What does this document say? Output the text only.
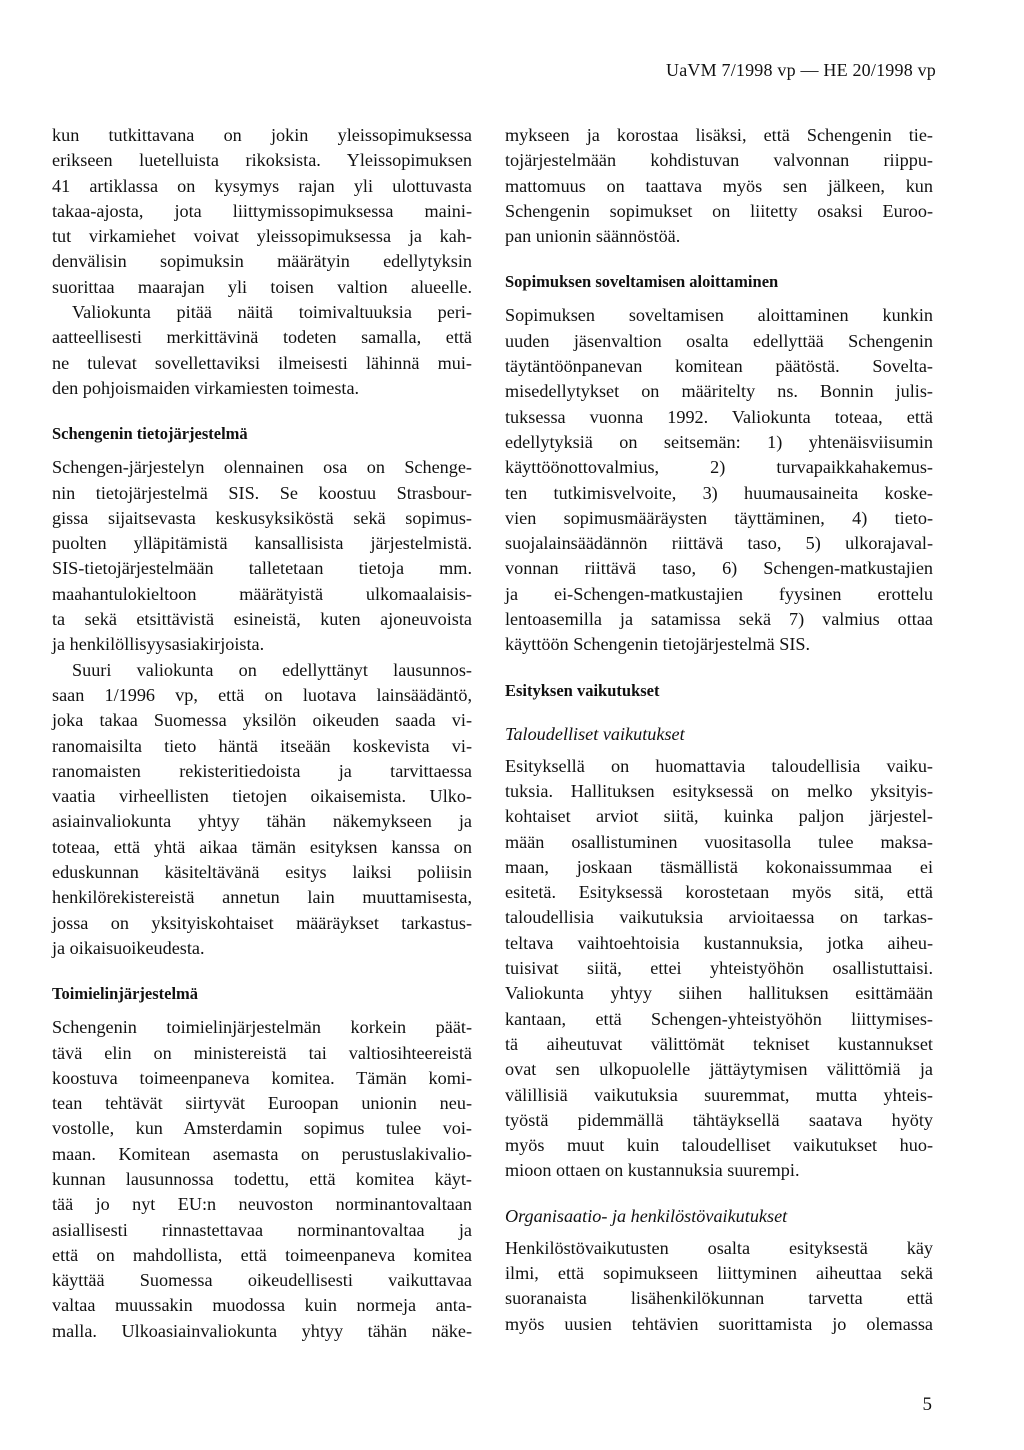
UaVM 7/1998 vp — HE 20/1998 vp
kun tutkittavana on jokin yleissopimuksessa
erikseen luetelluista rikoksista. Yleissopimuksen
41 artiklassa on kysymys rajan yli ulottuvasta
takaa-ajosta, jota liittymissopimuksessa maini-
tut virkamiehet voivat yleissopimuksessa ja kah-
denvälisin sopimuksin määrätyin edellytyksin
suorittaa maarajan yli toisen valtion alueelle.
Valiokunta pitää näitä toimivaltuuksia peri-
aatteellisesti merkittävinä todeten samalla, että
ne tulevat sovellettaviksi ilmeisesti lähinnä mui-
den pohjoismaiden virkamiesten toimesta.
Schengenin tietojärjestelmä
Schengen-järjestelyn olennainen osa on Schenge-
nin tietojärjestelmä SIS. Se koostuu Strasbour-
gissa sijaitsevasta keskusyksiköstä sekä sopimus-
puolten ylläpitämistä kansallisista järjestelmistä.
SIS-tietojärjestelmään talletetaan tietoja mm.
maahantulokieltoon määrätyistä ulkomaalaisis-
ta sekä etsittävistä esineistä, kuten ajoneuvoista
ja henkilöllisyysasiakirjoista.
Suuri valiokunta on edellyttänyt lausunnos-
saan 1/1996 vp, että on luotava lainsäädäntö,
joka takaa Suomessa yksilön oikeuden saada vi-
ranomaisilta tieto häntä itseään koskevista vi-
ranomaisten rekisteritiedoista ja tarvittaessa
vaatia virheellisten tietojen oikaisemista. Ulko-
asiainvaliokunta yhtyy tähän näkemykseen ja
toteaa, että yhtä aikaa tämän esityksen kanssa on
eduskunnan käsiteltävänä esitys laiksi poliisin
henkilörekistereistä annetun lain muuttamisesta,
jossa on yksityiskohtaiset määräykset tarkastus-
ja oikaisuoikeudesta.
Toimielinjärjestelmä
Schengenin toimielinjärjestelmän korkein päät-
tävä elin on ministereistä tai valtiosihteereistä
koostuva toimeenpaneva komitea. Tämän komi-
tean tehtävät siirtyvät Euroopan unionin neu-
vostolle, kun Amsterdamin sopimus tulee voi-
maan. Komitean asemasta on perustuslakivalio-
kunnan lausunnossa todettu, että komitea käyt-
tää jo nyt EU:n neuvoston norminantovaltaan
asiallisesti rinnastettavaa norminantovaltaa ja
että on mahdollista, että toimeenpaneva komitea
käyttää Suomessa oikeudellisesti vaikuttavaa
valtaa muussakin muodossa kuin normeja anta-
malla. Ulkoasiainvaliokunta yhtyy tähän näke-
mykseen ja korostaa lisäksi, että Schengenin tie-
tojärjestelmään kohdistuvan valvonnan riippu-
mattomuus on taattava myös sen jälkeen, kun
Schengenin sopimukset on liitetty osaksi Euroo-
pan unionin säännöstöä.
Sopimuksen soveltamisen aloittaminen
Sopimuksen soveltamisen aloittaminen kunkin
uuden jäsenvaltion osalta edellyttää Schengenin
täytäntöönpanevan komitean päätöstä. Sovelta-
misedellytykset on määritelty ns. Bonnin julis-
tuksessa vuonna 1992. Valiokunta toteaa, että
edellytyksiä on seitsemän: 1) yhtenäisviisumin
käyttöönottovalmius, 2) turvapaikkahakemus-
ten tutkimisvelvoite, 3) huumausaineita koske-
vien sopimusmääräysten täyttäminen, 4) tieto-
suojalainsäädännön riittävä taso, 5) ulkorajaval-
vonnan riittävä taso, 6) Schengen-matkustajien
ja ei-Schengen-matkustajien fyysinen erottelu
lentoasemilla ja satamissa sekä 7) valmius ottaa
käyttöön Schengenin tietojärjestelmä SIS.
Esityksen vaikutukset
Taloudelliset vaikutukset
Esityksellä on huomattavia taloudellisia vaiku-
tuksia. Hallituksen esityksessä on melko yksityis-
kohtaiset arviot siitä, kuinka paljon järjestel-
mään osallistuminen vuositasolla tulee maksa-
maan, joskaan täsmällistä kokonaissummaa ei
esitetä. Esityksessä korostetaan myös sitä, että
taloudellisia vaikutuksia arvioitaessa on tarkas-
teltava vaihtoehtoisia kustannuksia, jotka aiheu-
tuisivat siitä, ettei yhteistyöhön osallistuttaisi.
Valiokunta yhtyy siihen hallituksen esittämään
kantaan, että Schengen-yhteistyöhön liittymises-
tä aiheutuvat välittömät tekniset kustannukset
ovat sen ulkopuolelle jättäytymisen välittömiä ja
välillisiä vaikutuksia suuremmat, mutta yhteis-
työstä pidemmällä tähtäyksellä saatava hyöty
myös muut kuin taloudelliset vaikutukset huo-
mioon ottaen on kustannuksia suurempi.
Organisaatio- ja henkilöstövaikutukset
Henkilöstövaikutusten osalta esityksestä käy
ilmi, että sopimukseen liittyminen aiheuttaa sekä
suoranaista lisähenkilökunnan tarvetta että
myös uusien tehtävien suorittamista jo olemassa
5
